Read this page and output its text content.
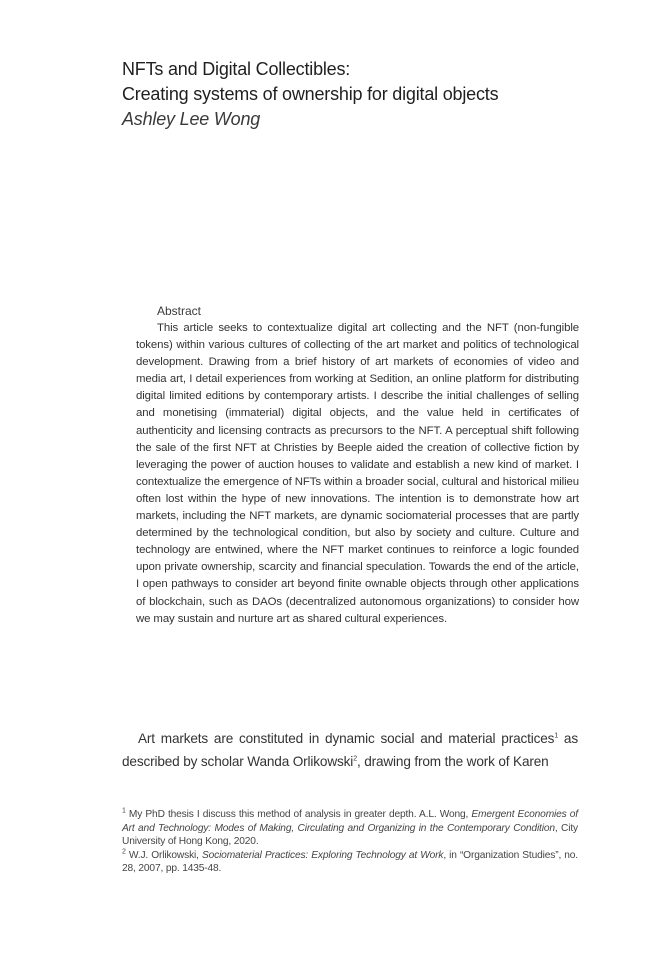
NFTs and Digital Collectibles:
Creating systems of ownership for digital objects
Ashley Lee Wong
Abstract
This article seeks to contextualize digital art collecting and the NFT (non-fungible tokens) within various cultures of collecting of the art market and politics of technological development. Drawing from a brief history of art markets of economies of video and media art, I detail experiences from working at Sedition, an online platform for distributing digital limited editions by contemporary artists. I describe the initial challenges of selling and monetising (immaterial) digital objects, and the value held in certificates of authenticity and licensing contracts as precursors to the NFT. A perceptual shift following the sale of the first NFT at Christies by Beeple aided the creation of collective fiction by leveraging the power of auction houses to validate and establish a new kind of market. I contextualize the emergence of NFTs within a broader social, cultural and historical milieu often lost within the hype of new innovations. The intention is to demonstrate how art markets, including the NFT markets, are dynamic sociomaterial processes that are partly determined by the technological condition, but also by society and culture. Culture and technology are entwined, where the NFT market continues to reinforce a logic founded upon private ownership, scarcity and financial speculation. Towards the end of the article, I open pathways to consider art beyond finite ownable objects through other applications of blockchain, such as DAOs (decentralized autonomous organizations) to consider how we may sustain and nurture art as shared cultural experiences.
Art markets are constituted in dynamic social and material practices$^1$ as described by scholar Wanda Orlikowski$^2$, drawing from the work of Karen

$^1$ My PhD thesis I discuss this method of analysis in greater depth. A.L. Wong, Emergent Economies of Art and Technology: Modes of Making, Circulating and Organizing in the Contemporary Condition, City University of Hong Kong, 2020.

$^2$ W.J. Orlikowski, Sociomaterial Practices: Exploring Technology at Work, in “Organization Studies”, no. 28, 2007, pp. 1435-48.
